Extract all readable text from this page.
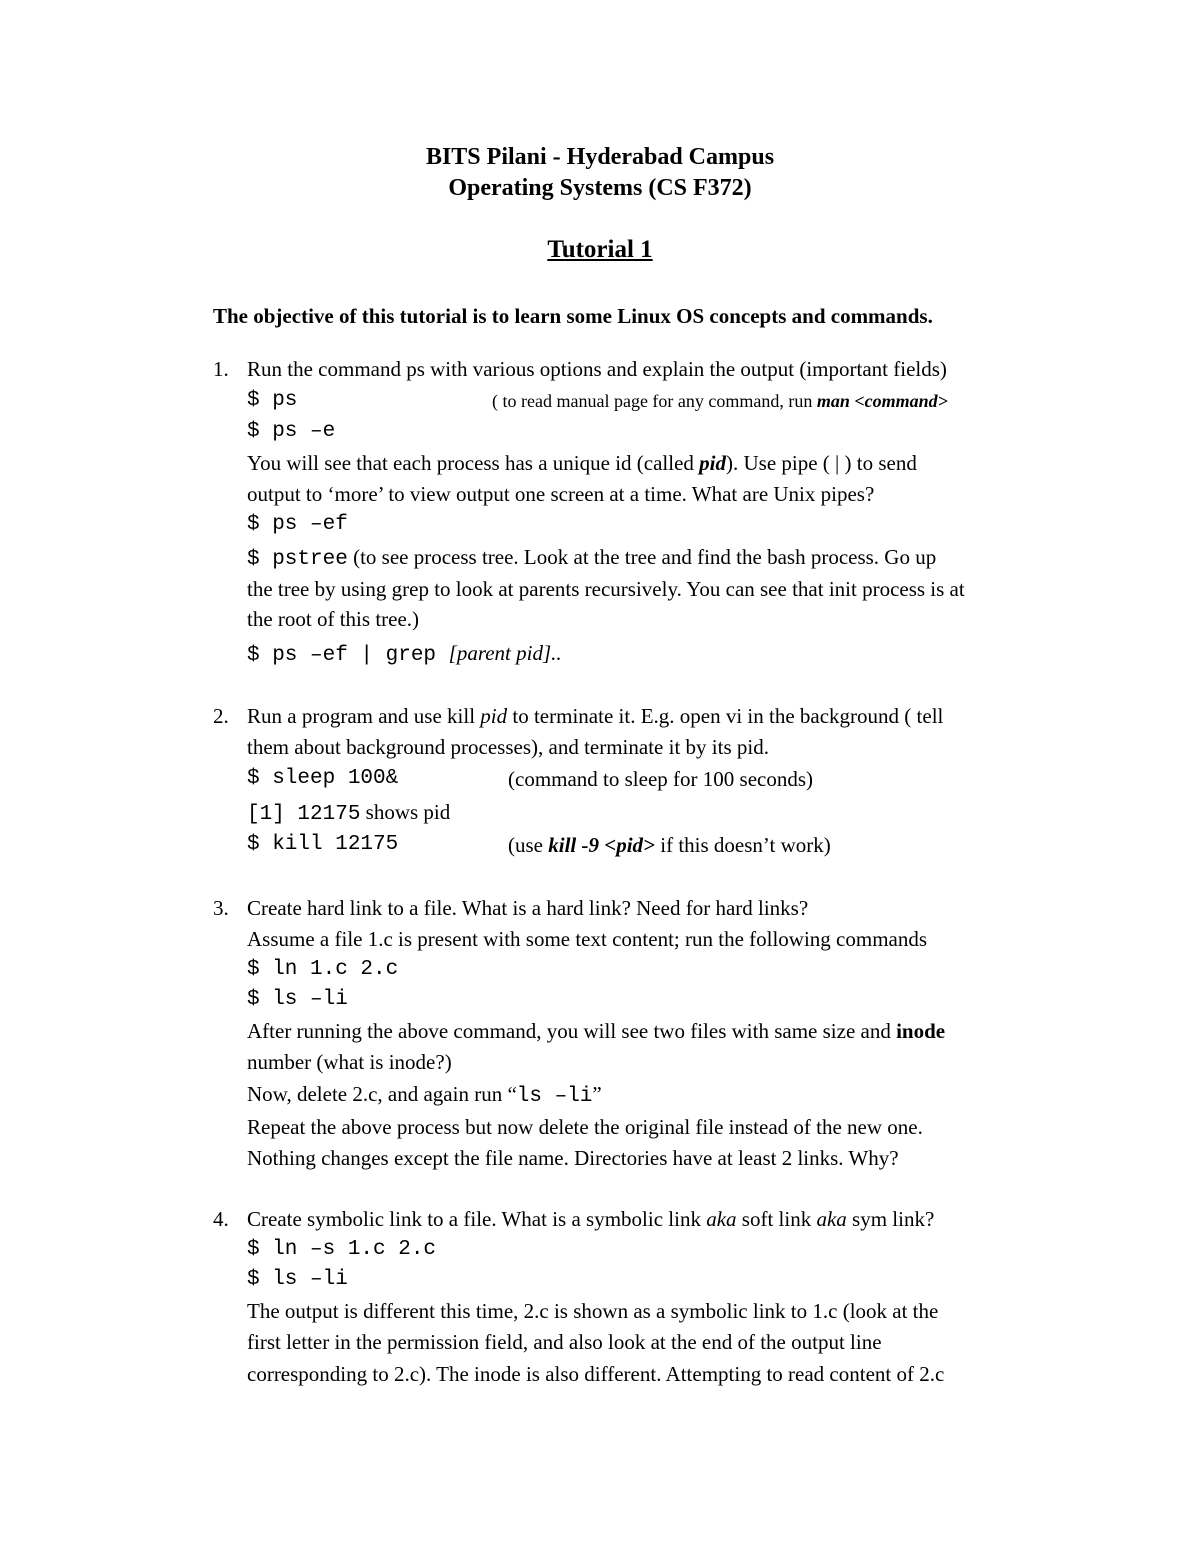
BITS Pilani - Hyderabad Campus
Operating Systems (CS F372)
Tutorial 1
The objective of this tutorial is to learn some Linux OS concepts and commands.
1. Run the command ps with various options and explain the output (important fields)
$ ps	( to read manual page for any command, run man <command>
$ ps –e
You will see that each process has a unique id (called pid). Use pipe ( | ) to send
output to ‘more’ to view output one screen at a time. What are Unix pipes?
$ ps –ef
$ pstree (to see process tree. Look at the tree and find the bash process. Go up
the tree by using grep to look at parents recursively. You can see that init process is at
the root of this tree.)
$ ps –ef | grep [parent pid]..
2. Run a program and use kill pid to terminate it. E.g. open vi in the background ( tell
them about background processes), and terminate it by its pid.
$ sleep 100&	(command to sleep for 100 seconds)
[1] 12175 shows pid
$ kill 12175	(use kill -9 <pid> if this doesn’t work)
3. Create hard link to a file. What is a hard link? Need for hard links?
Assume a file 1.c is present with some text content; run the following commands
$ ln 1.c 2.c
$ ls –li
After running the above command, you will see two files with same size and inode
number (what is inode?)
Now, delete 2.c, and again run “ls –li”
Repeat the above process but now delete the original file instead of the new one.
Nothing changes except the file name. Directories have at least 2 links. Why?
4. Create symbolic link to a file. What is a symbolic link aka soft link aka sym link?
$ ln –s 1.c 2.c
$ ls –li
The output is different this time, 2.c is shown as a symbolic link to 1.c (look at the
first letter in the permission field, and also look at the end of the output line
corresponding to 2.c). The inode is also different. Attempting to read content of 2.c
